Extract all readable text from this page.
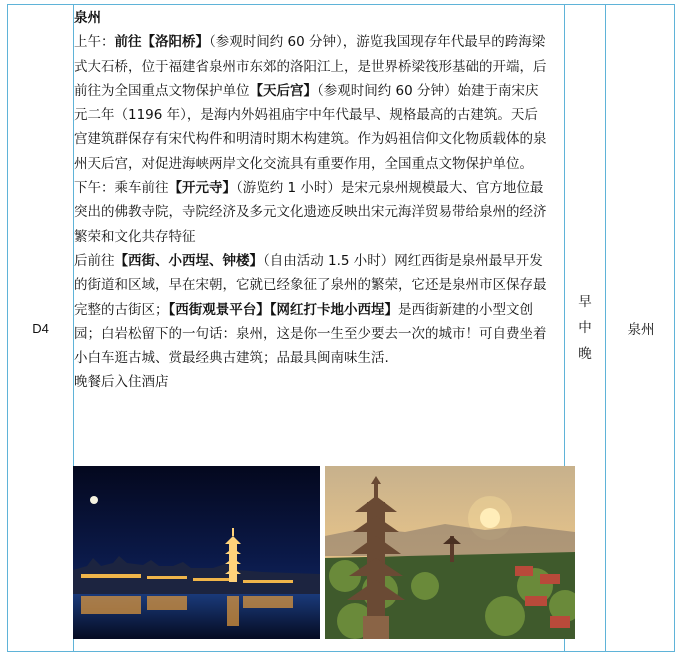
D4
早
中
晚
泉州

泉州

上午：前往【洛阳桥】（参观时间约 60 分钟），游览我国现存年代最早的跨海梁式大石桥，位于福建省泉州市东郊的洛阳江上，是世界桥梁筏形基础的开端，后前往为全国重点文物保护单位【天后宫】（参观时间约 60 分钟）始建于南宋庆元二年（1196 年），是海内外妈祖庙宇中年代最早、规格最高的古建筑。天后宫建筑群保存有宋代构件和明清时期木构建筑。作为妈祖信仰文化物质载体的泉州天后宫，对促进海峡两岸文化交流具有重要作用，全国重点文物保护单位。

下午：乘车前往【开元寺】（游览约 1 小时）是宋元泉州规模最大、官方地位最突出的佛教寺院，寺院经济及多元文化遗迹反映出宋元海洋贸易带给泉州的经济繁荣和文化共存特征

后前往【西街、小西埕、钟楼】（自由活动 1.5 小时）网红西街是泉州最早开发的街道和区域，早在宋朝，它就已经象征了泉州的繁荣，它还是泉州市区保存最完整的古街区；【西街观景平台】【网红打卡地小西埕】是西街新建的小型文创园；白岩松留下的一句话：泉州，这是你一生至少要去一次的城市！可自费坐着小白车逛古城、赏最经典古建筑；品最具闽南味生活.

晚餐后入住酒店
